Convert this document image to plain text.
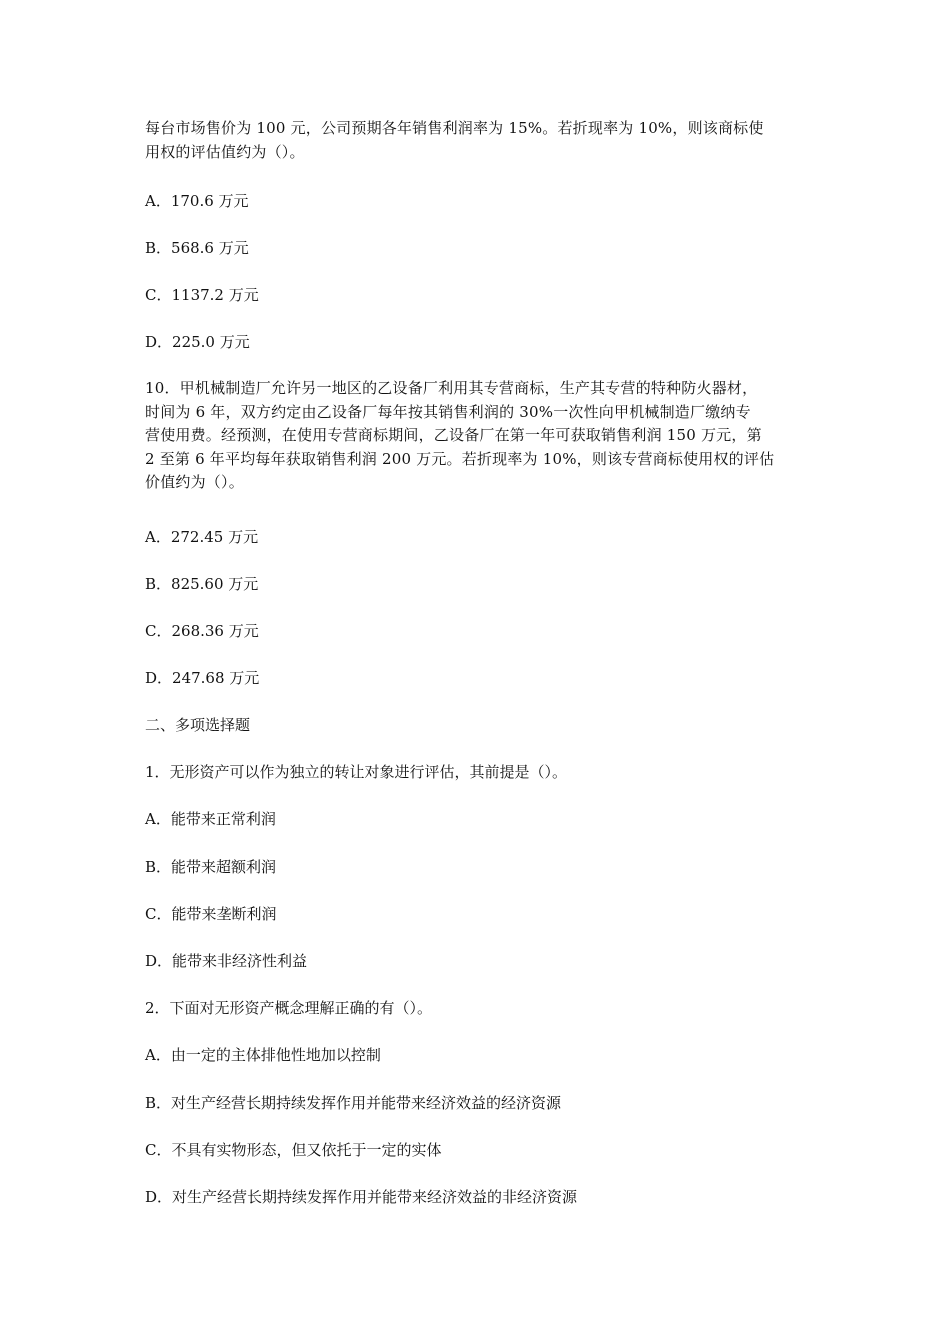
每台市场售价为 100 元，公司预期各年销售利润率为 15%。若折现率为 10%，则该商标使
用权的评估值约为（）。

A．170.6 万元

B．568.6 万元

C．1137.2 万元

D．225.0 万元

10．甲机械制造厂允许另一地区的乙设备厂利用其专营商标，生产其专营的特种防火器材，
时间为 6 年，双方约定由乙设备厂每年按其销售利润的 30%一次性向甲机械制造厂缴纳专
营使用费。经预测，在使用专营商标期间，乙设备厂在第一年可获取销售利润 150 万元，第
2 至第 6 年平均每年获取销售利润 200 万元。若折现率为 10%，则该专营商标使用权的评估
价值约为（）。

A．272.45 万元

B．825.60 万元

C．268.36 万元

D．247.68 万元

二、多项选择题

1．无形资产可以作为独立的转让对象进行评估，其前提是（）。

A．能带来正常利润

B．能带来超额利润

C．能带来垄断利润

D．能带来非经济性利益

2．下面对无形资产概念理解正确的有（）。

A．由一定的主体排他性地加以控制

B．对生产经营长期持续发挥作用并能带来经济效益的经济资源

C．不具有实物形态，但又依托于一定的实体

D．对生产经营长期持续发挥作用并能带来经济效益的非经济资源
